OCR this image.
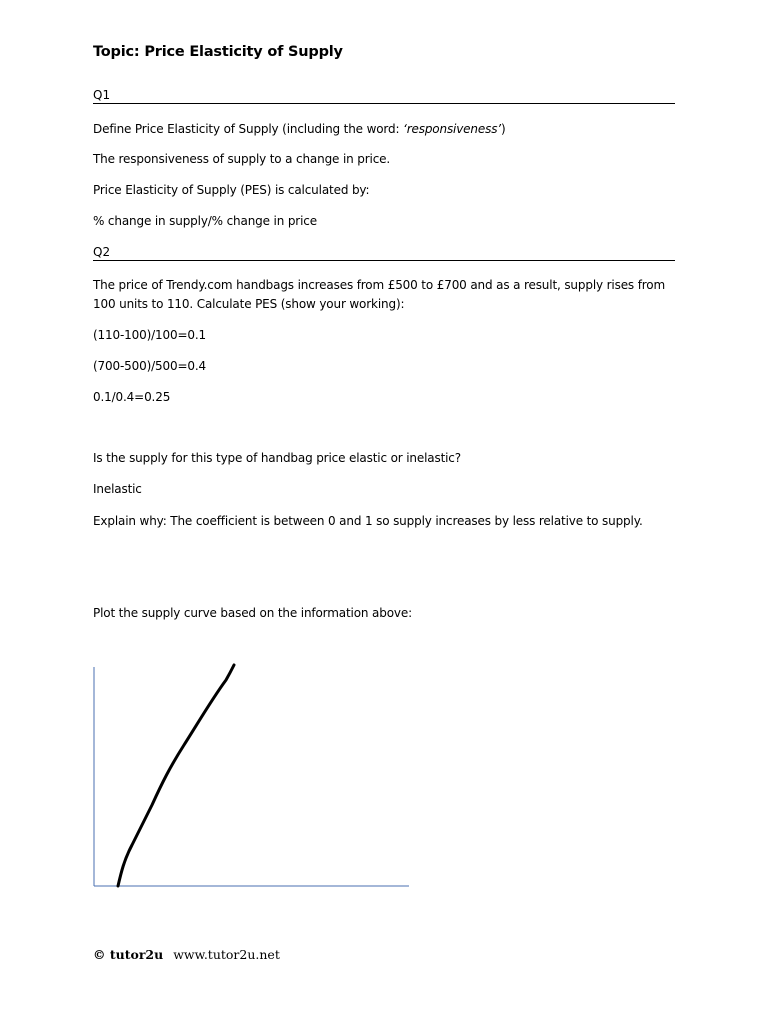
Topic: Price Elasticity of Supply
Q1
Define Price Elasticity of Supply (including the word: ‘responsiveness’)
The responsiveness of supply to a change in price.
Price Elasticity of Supply (PES) is calculated by:
% change in supply/% change in price
Q2
The price of Trendy.com handbags increases from £500 to £700 and as a result, supply rises from 100 units to 110. Calculate PES (show your working):
(110-100)/100=0.1
(700-500)/500=0.4
0.1/0.4=0.25
Is the supply for this type of handbag price elastic or inelastic?
Inelastic
Explain why: The coefficient is between 0 and 1 so supply increases by less relative to supply.
Plot the supply curve based on the information above:
© tutor2u www.tutor2u.net
